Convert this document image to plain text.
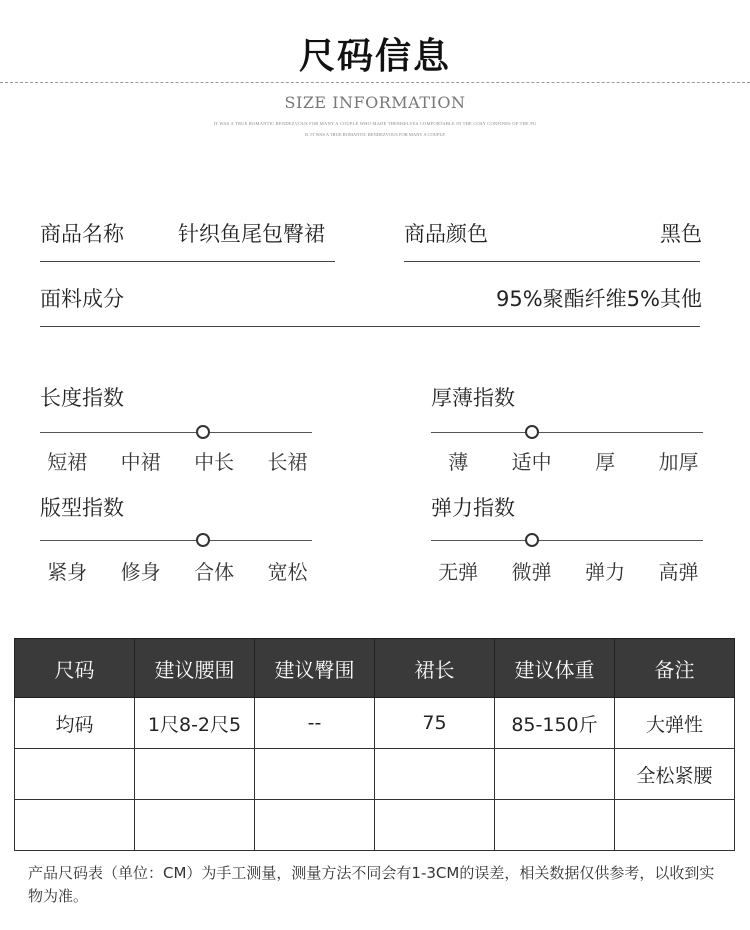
尺码信息
SIZE INFORMATION
IT WAS A TRUE ROMANTIC RENDEZVOUS FOR MANY A COUPLE WHO MADE THEMSELVES COMFORTABLE IN THE COSY CONFINES OF THE PU
B. IT WAS A TRUE ROMANTIC RENDEZVOUS FOR MANY A COUPLE
商品名称	针织鱼尾包臀裙	商品颜色	黑色
面料成分	95%聚酯纤维5%其他
长度指数
短裙 中裙 中长 长裙
厚薄指数
薄 适中 厚 加厚
版型指数
紧身 修身 合体 宽松
弹力指数
无弹 微弹 弹力 高弹
尺码	建议腰围	建议臀围	裙长	建议体重	备注
均码	1尺8-2尺5	--	75	85-150斤	大弹性
					全松紧腰

产品尺码表（单位：CM）为手工测量，测量方法不同会有1-3CM的误差，相关数据仅供参考，以收到实物为准。
